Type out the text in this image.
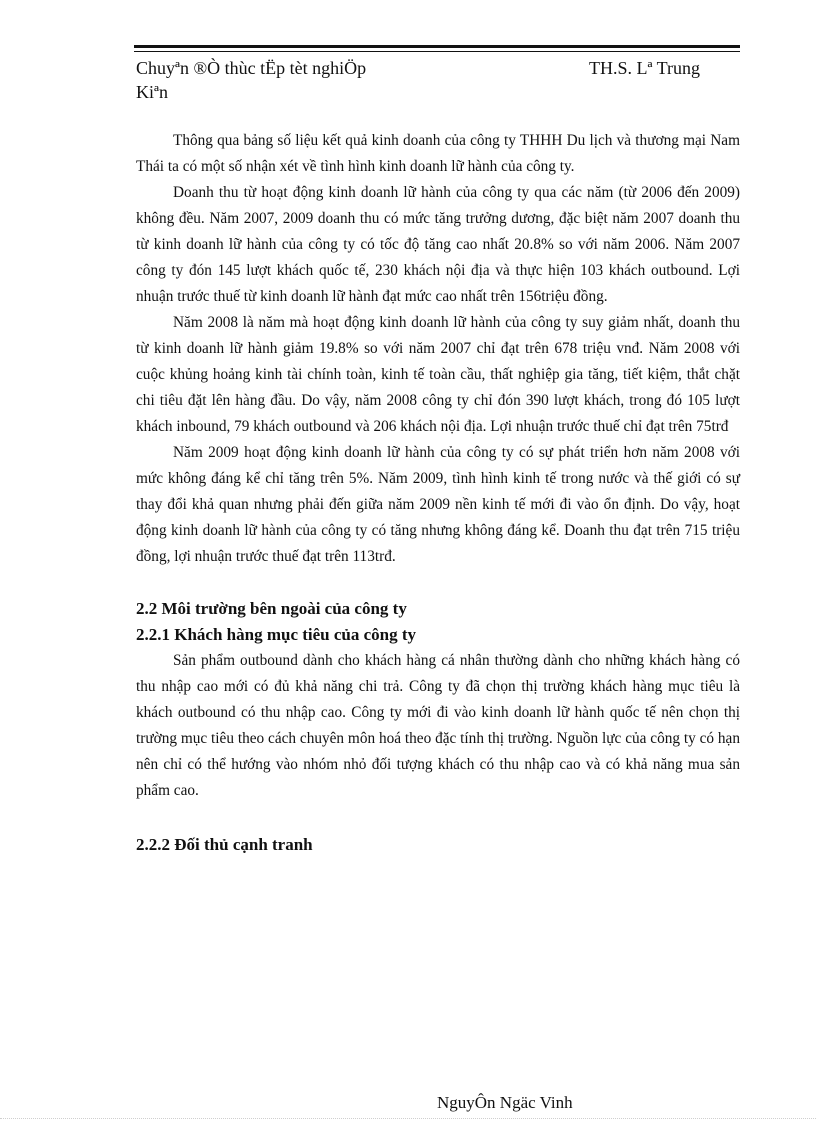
Chuyªn ®Ò thùc tËp tèt nghiÖp
Kiªn
TH.S. Lª Trung

Thông qua bảng số liệu kết quả kinh doanh của công ty THHH Du lịch và thương mại Nam Thái ta có một số nhận xét về tình hình kinh doanh lữ hành của công ty.

Doanh thu từ hoạt động kinh doanh lữ hành của công ty qua các năm (từ 2006 đến 2009) không đều. Năm 2007, 2009 doanh thu có mức tăng trưởng dương, đặc biệt năm 2007 doanh thu từ kinh doanh lữ hành của công ty có tốc độ tăng cao nhất 20.8% so với năm 2006. Năm 2007 công ty đón 145 lượt khách quốc tế, 230 khách nội địa và thực hiện 103 khách outbound. Lợi nhuận trước thuế từ kinh doanh lữ hành đạt mức cao nhất trên 156triệu đồng.

Năm 2008 là năm mà hoạt động kinh doanh lữ hành của công ty suy giảm nhất, doanh thu từ kinh doanh lữ hành giảm 19.8% so với năm 2007 chỉ đạt trên 678 triệu vnđ. Năm 2008 với cuộc khủng hoảng kinh tài chính toàn, kinh tế toàn cầu, thất nghiệp gia tăng, tiết kiệm, thắt chặt chi tiêu đặt lên hàng đầu. Do vậy, năm 2008 công ty chỉ đón 390 lượt khách, trong đó 105 lượt khách inbound, 79 khách outbound và 206 khách nội địa. Lợi nhuận trước thuế chỉ đạt trên 75trđ

Năm 2009 hoạt động kinh doanh lữ hành của công ty có sự phát triển hơn năm 2008 với mức không đáng kể chỉ tăng trên 5%. Năm 2009, tình hình kinh tế trong nước và thế giới có sự thay đổi khả quan nhưng phải đến giữa năm 2009 nền kinh tế mới đi vào ổn định. Do vậy, hoạt động kinh doanh lữ hành của công ty có tăng nhưng không đáng kể. Doanh thu đạt trên 715 triệu đồng, lợi nhuận trước thuế đạt trên 113trđ.

2.2 Môi trường bên ngoài của công ty
2.2.1 Khách hàng mục tiêu của công ty

Sản phẩm outbound dành cho khách hàng cá nhân thường dành cho những khách hàng có thu nhập cao mới có đủ khả năng chi trả. Công ty đã chọn thị trường khách hàng mục tiêu là khách outbound có thu nhập cao. Công ty mới đi vào kinh doanh lữ hành quốc tế nên chọn thị trường mục tiêu theo cách chuyên môn hoá theo đặc tính thị trường. Nguồn lực của công ty có hạn nên chỉ có thể hướng vào nhóm nhỏ đối tượng khách có thu nhập cao và có khả năng mua sản phẩm cao.

2.2.2 Đối thủ cạnh tranh
NguyÔn Ngäc Vinh
